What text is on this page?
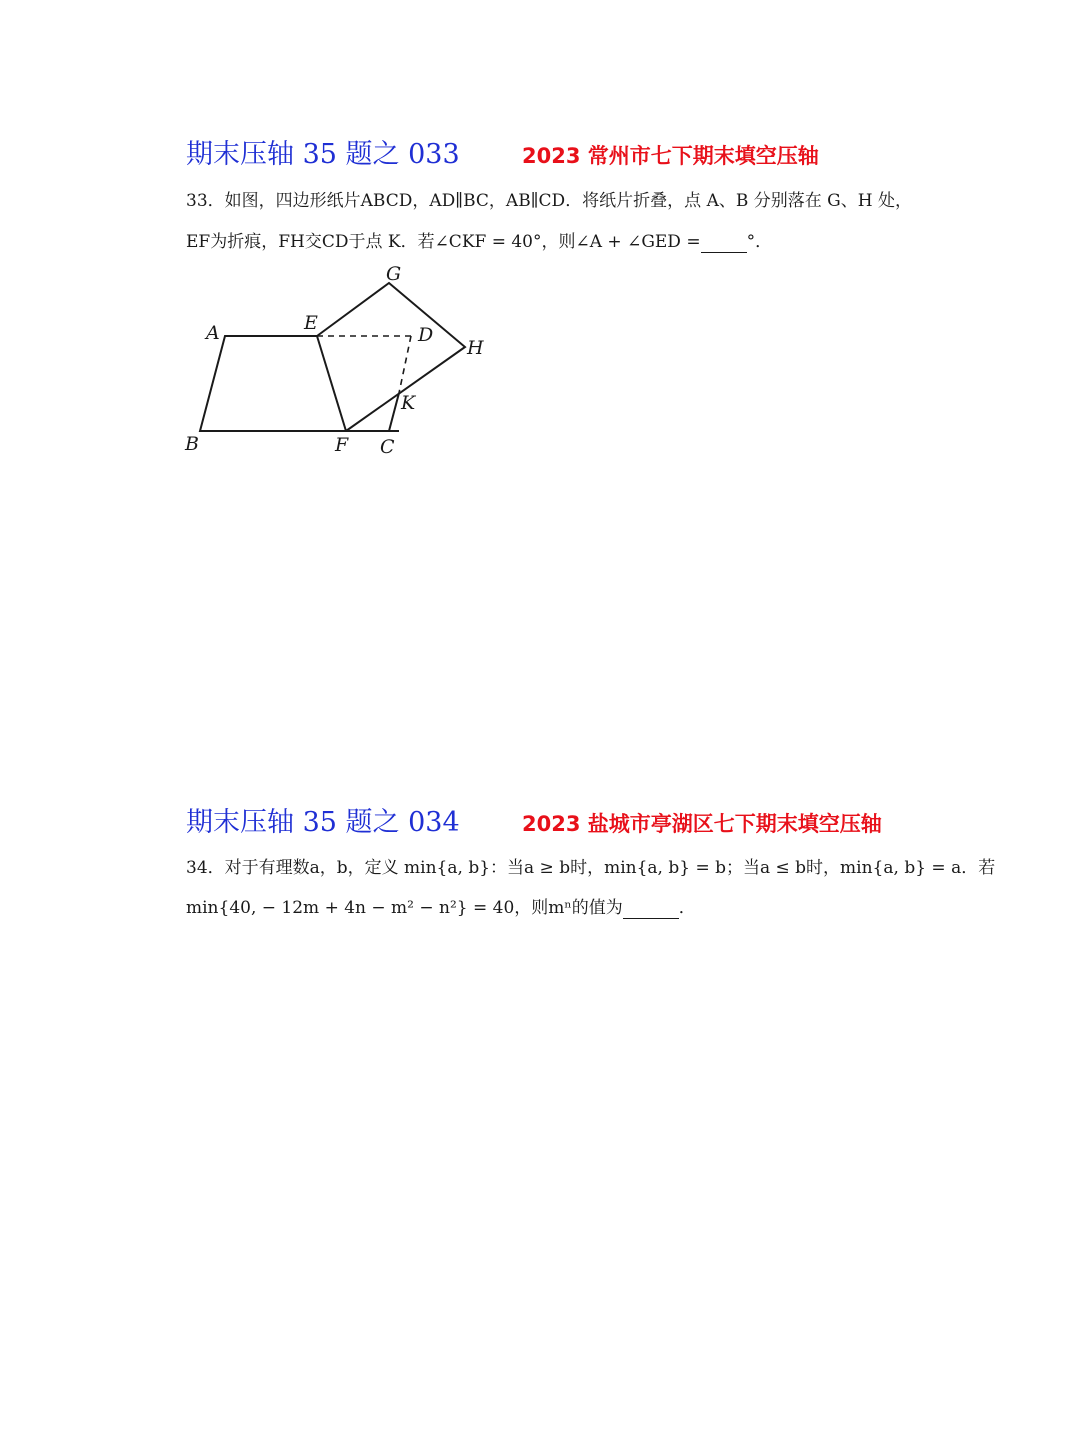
期末压轴 35 题之 033	2023 常州市七下期末填空压轴
33．如图，四边形纸片ABCD，AD∥BC，AB∥CD．将纸片折叠，点 A、B 分别落在 G、H 处，
EF为折痕，FH交CD于点 K．若∠CKF = 40°，则∠A + ∠GED =	°．
A
B	C
D
E
F
G
H
K
期末压轴 35 题之 034	2023 盐城市亭湖区七下期末填空压轴
34．对于有理数a，b，定义 min{a, b}：当a ≥ b时，min{a, b} = b；当a ≤ b时，min{a, b} = a．若
min{40, − 12m + 4n − m² − n²} = 40，则mⁿ的值为	．
